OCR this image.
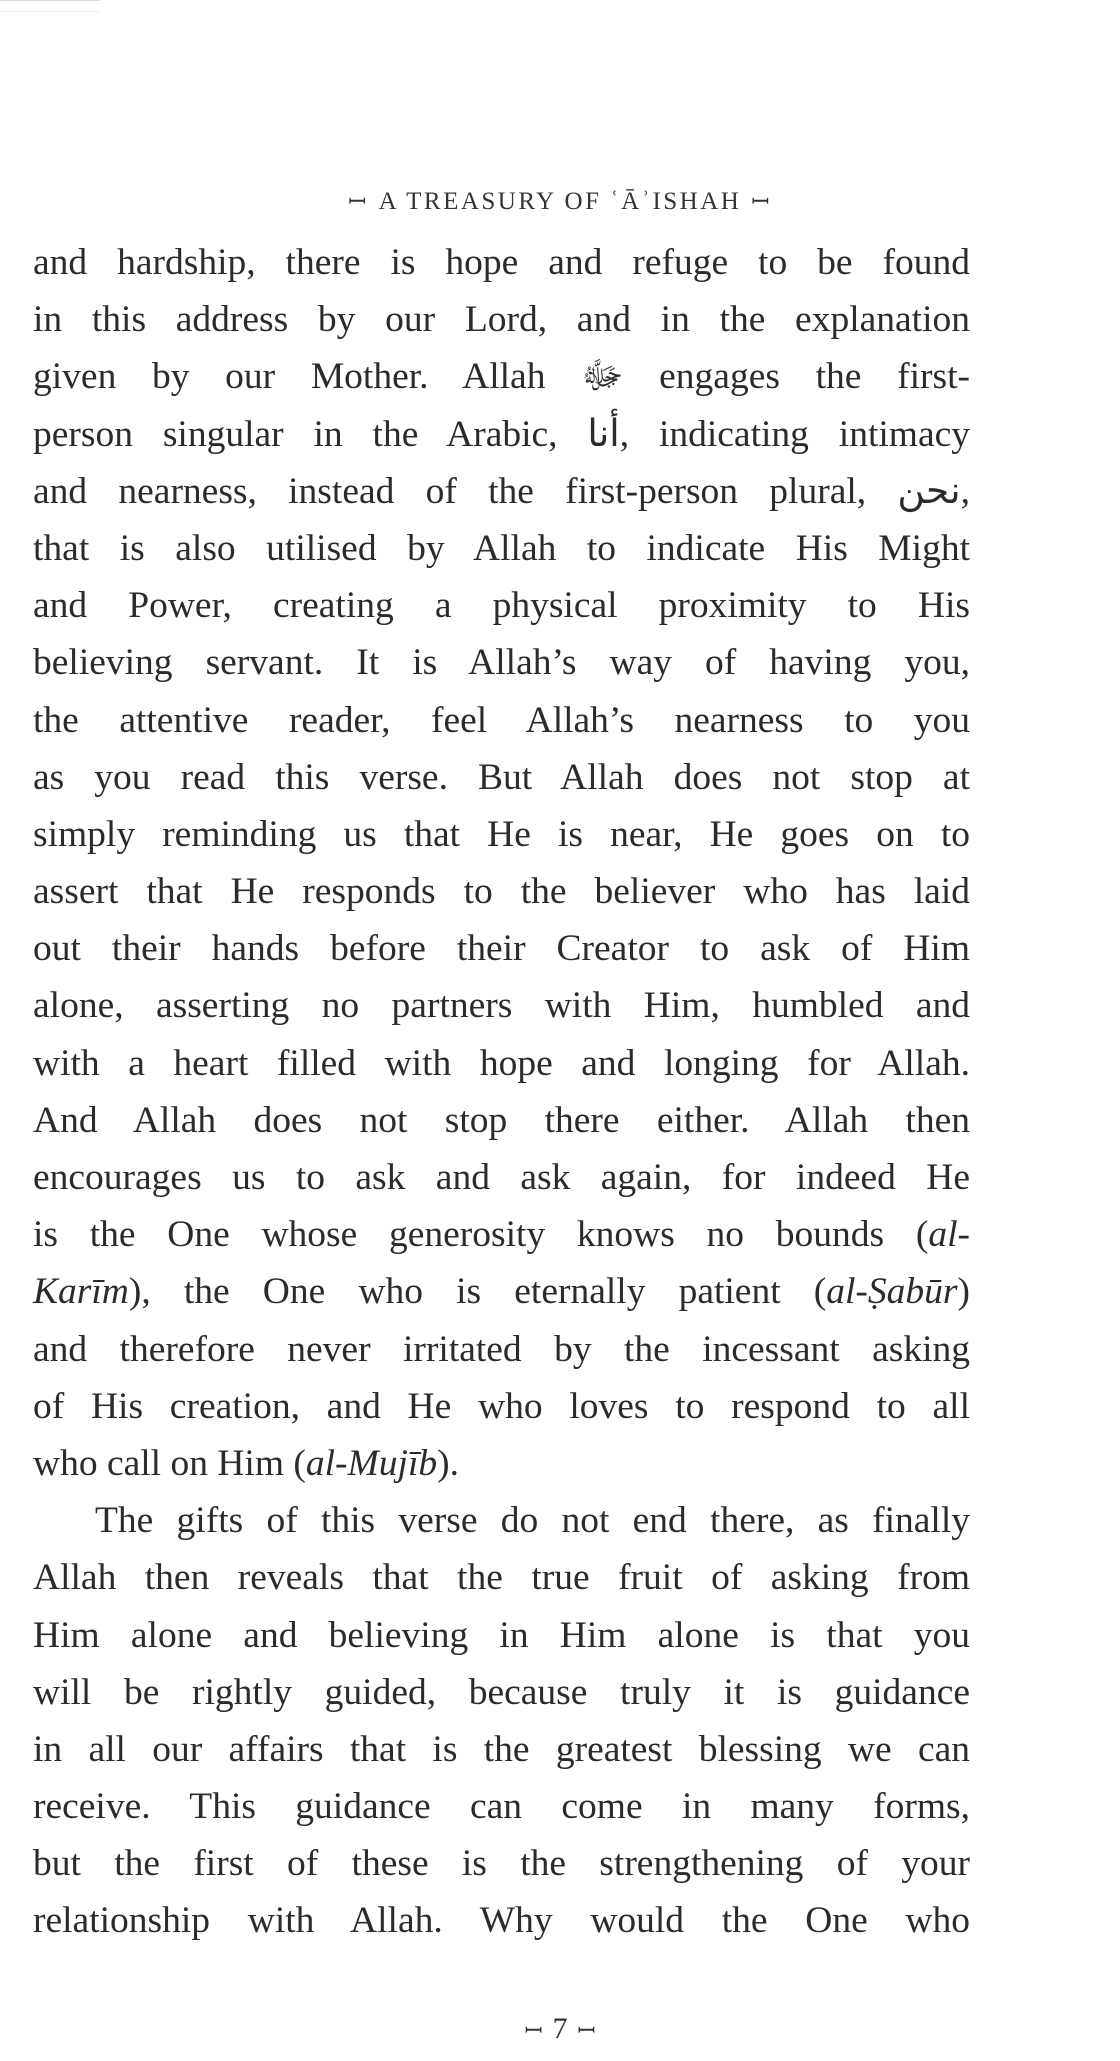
ꟷ A TREASURY OF ʿĀʾISHAH ꟷ
and hardship, there is hope and refuge to be found
in this address by our Lord, and in the explanation
given by our Mother. Allah ﷻ engages the first-
person singular in the Arabic, أنا, indicating intimacy
and nearness, instead of the first-person plural, نحن,
that is also utilised by Allah to indicate His Might
and Power, creating a physical proximity to His
believing servant. It is Allah’s way of having you,
the attentive reader, feel Allah’s nearness to you
as you read this verse. But Allah does not stop at
simply reminding us that He is near, He goes on to
assert that He responds to the believer who has laid
out their hands before their Creator to ask of Him
alone, asserting no partners with Him, humbled and
with a heart filled with hope and longing for Allah.
And Allah does not stop there either. Allah then
encourages us to ask and ask again, for indeed He
is the One whose generosity knows no bounds (al-
Karīm), the One who is eternally patient (al-Ṣabūr)
and therefore never irritated by the incessant asking
of His creation, and He who loves to respond to all
who call on Him (al-Mujīb).
The gifts of this verse do not end there, as finally
Allah then reveals that the true fruit of asking from
Him alone and believing in Him alone is that you
will be rightly guided, because truly it is guidance
in all our affairs that is the greatest blessing we can
receive. This guidance can come in many forms,
but the first of these is the strengthening of your
relationship with Allah. Why would the One who
ꟷ 7 ꟷ
